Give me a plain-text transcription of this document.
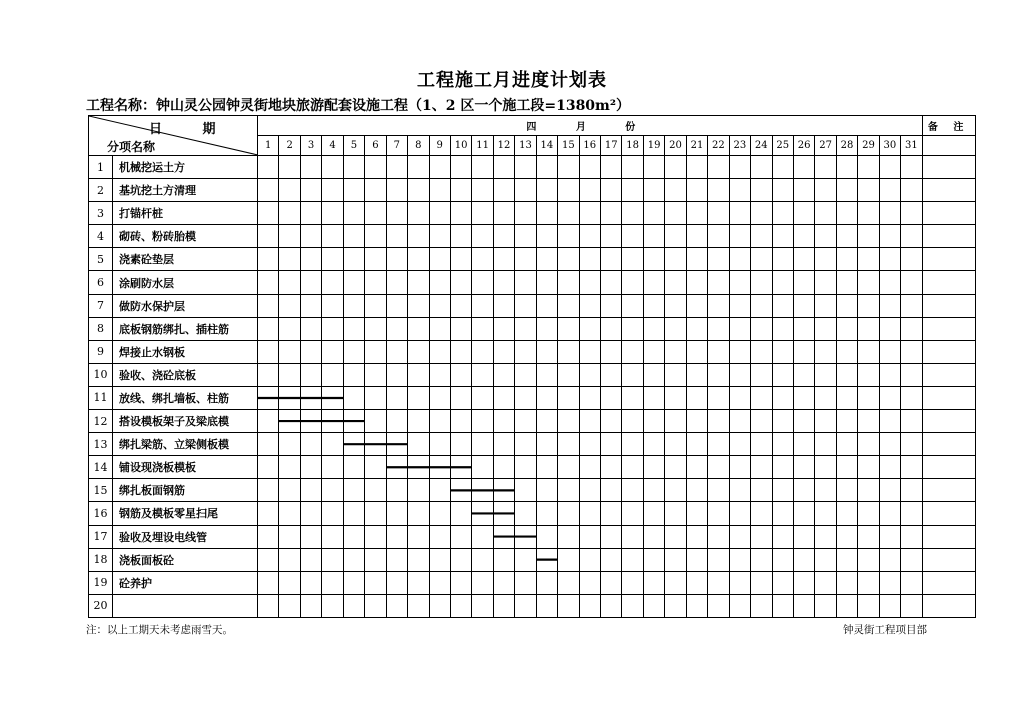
工程施工月进度计划表
工程名称：钟山灵公园钟灵街地块旅游配套设施工程（1、2 区一个施工段=1380m²）
日 期
分项名称		四 月 份																															备 注
		1	2	3	4	5	6	7	8	9	10	11	12	13	14	15	16	17	18	19	20	21	22	23	24	25	26	27	28	29	30	31	
1	机械挖运土方																																
2	基坑挖土方清理																																
3	打锚杆桩																																
4	砌砖、粉砖胎模																																
5	浇素砼垫层																																
6	涂刷防水层																																
7	做防水保护层																																
8	底板钢筋绑扎、插柱筋																																
9	焊接止水钢板																																
10	验收、浇砼底板																																
11	放线、绑扎墙板、柱筋																																
12	搭设模板架子及梁底模																																
13	绑扎梁筋、立梁侧板模																																
14	铺设现浇板模板																																
15	绑扎板面钢筋																																
16	钢筋及模板零星扫尾																																
17	验收及埋设电线管																																
18	浇板面板砼																																
19	砼养护																																
20																																	
注：以上工期天未考虑雨雪天。	钟灵街工程项目部
